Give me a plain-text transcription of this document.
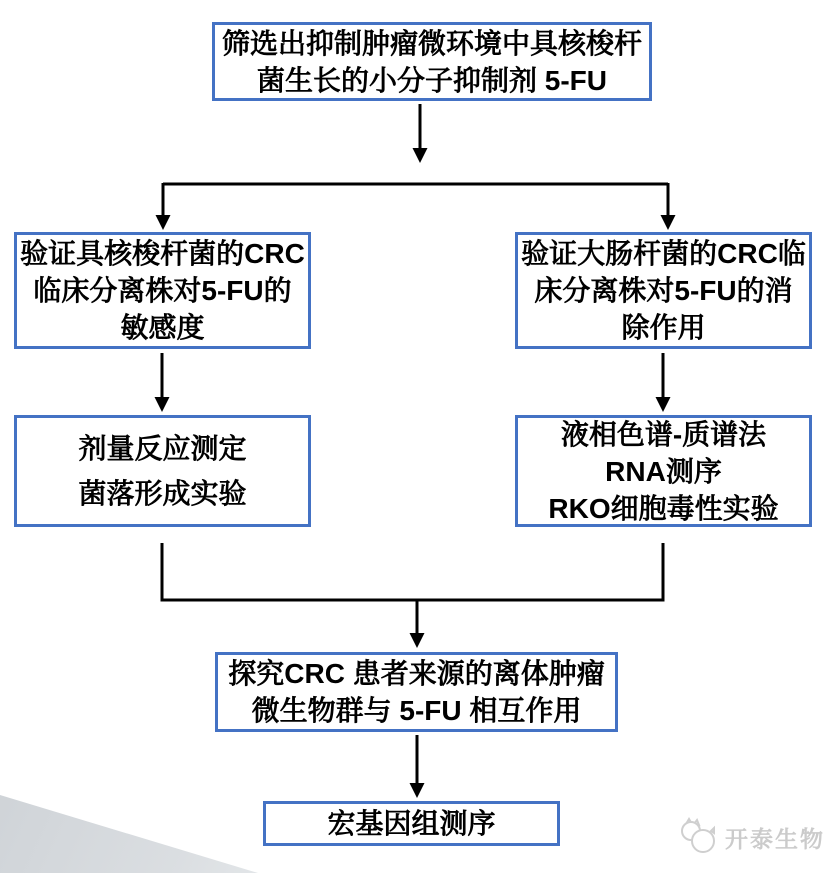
筛选出抑制肿瘤微环境中具核梭杆
菌生长的小分子抑制剂 5-FU
验证具核梭杆菌的CRC
临床分离株对5-FU的
敏感度
验证大肠杆菌的CRC临
床分离株对5-FU的消
除作用
剂量反应测定
菌落形成实验
液相色谱-质谱法
RNA测序
RKO细胞毒性实验
探究CRC 患者来源的离体肿瘤
微生物群与 5-FU 相互作用
宏基因组测序	开泰生物
